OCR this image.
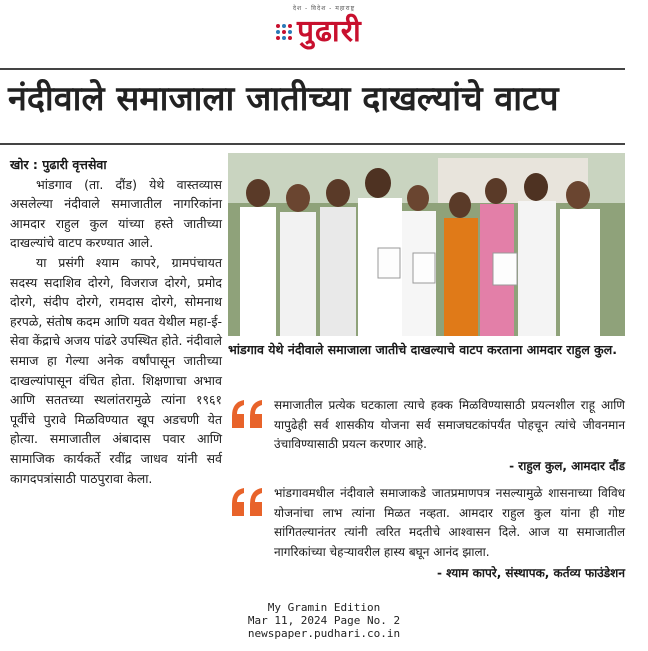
देश - विदेश - महाराष्ट्र
पुढारी
नंदीवाले समाजाला जातीच्या दाखल्यांचे वाटप

खोर : पुढारी वृत्तसेवा

भांडगाव (ता. दौंड) येथे वास्तव्यास असलेल्या नंदीवाले समाजातील नागरिकांना आमदार राहुल कुल यांच्या हस्ते जातीच्या दाखल्यांचे वाटप करण्यात आले.

या प्रसंगी श्याम कापरे, ग्रामपंचायत सदस्य सदाशिव दोरगे, विजराज दोरगे, प्रमोद दोरगे, संदीप दोरगे, रामदास दोरगे, सोमनाथ हरपळे, संतोष कदम आणि यवत येथील महा-ई-सेवा केंद्राचे अजय पांढरे उपस्थित होते. नंदीवाले समाज हा गेल्या अनेक वर्षांपासून जातीच्या दाखल्यांपासून वंचित होता. शिक्षणाचा अभाव आणि सततच्या स्थलांतरामुळे त्यांना १९६१ पूर्वीचे पुरावे मिळविण्यात खूप अडचणी येत होत्या. समाजातील अंबादास पवार आणि सामाजिक कार्यकर्ते रवींद्र जाधव यांनी सर्व कागदपत्रांसाठी पाठपुरावा केला.

भांडगाव येथे नंदीवाले समाजाला जातीचे दाखल्याचे वाटप करताना आमदार राहुल कुल.
समाजातील प्रत्येक घटकाला त्याचे हक्क मिळविण्यासाठी प्रयत्नशील राहू आणि यापुढेही सर्व शासकीय योजना सर्व समाजघटकांपर्यंत पोहचून त्यांचे जीवनमान उंचाविण्यासाठी प्रयत्न करणार आहे.
- राहुल कुल, आमदार दौंड
भांडगावमधील नंदीवाले समाजाकडे जातप्रमाणपत्र नसल्यामुळे शासनाच्या विविध योजनांचा लाभ त्यांना मिळत नव्हता. आमदार राहुल कुल यांना ही गोष्ट सांगितल्यानंतर त्यांनी त्वरित मदतीचे आश्वासन दिले. आज या समाजातील नागरिकांच्या चेहऱ्यावरील हास्य बघून आनंद झाला.
- श्याम कापरे, संस्थापक, कर्तव्य फाउंडेशन
My Gramin Edition
Mar 11, 2024 Page No. 2
newspaper.pudhari.co.in
